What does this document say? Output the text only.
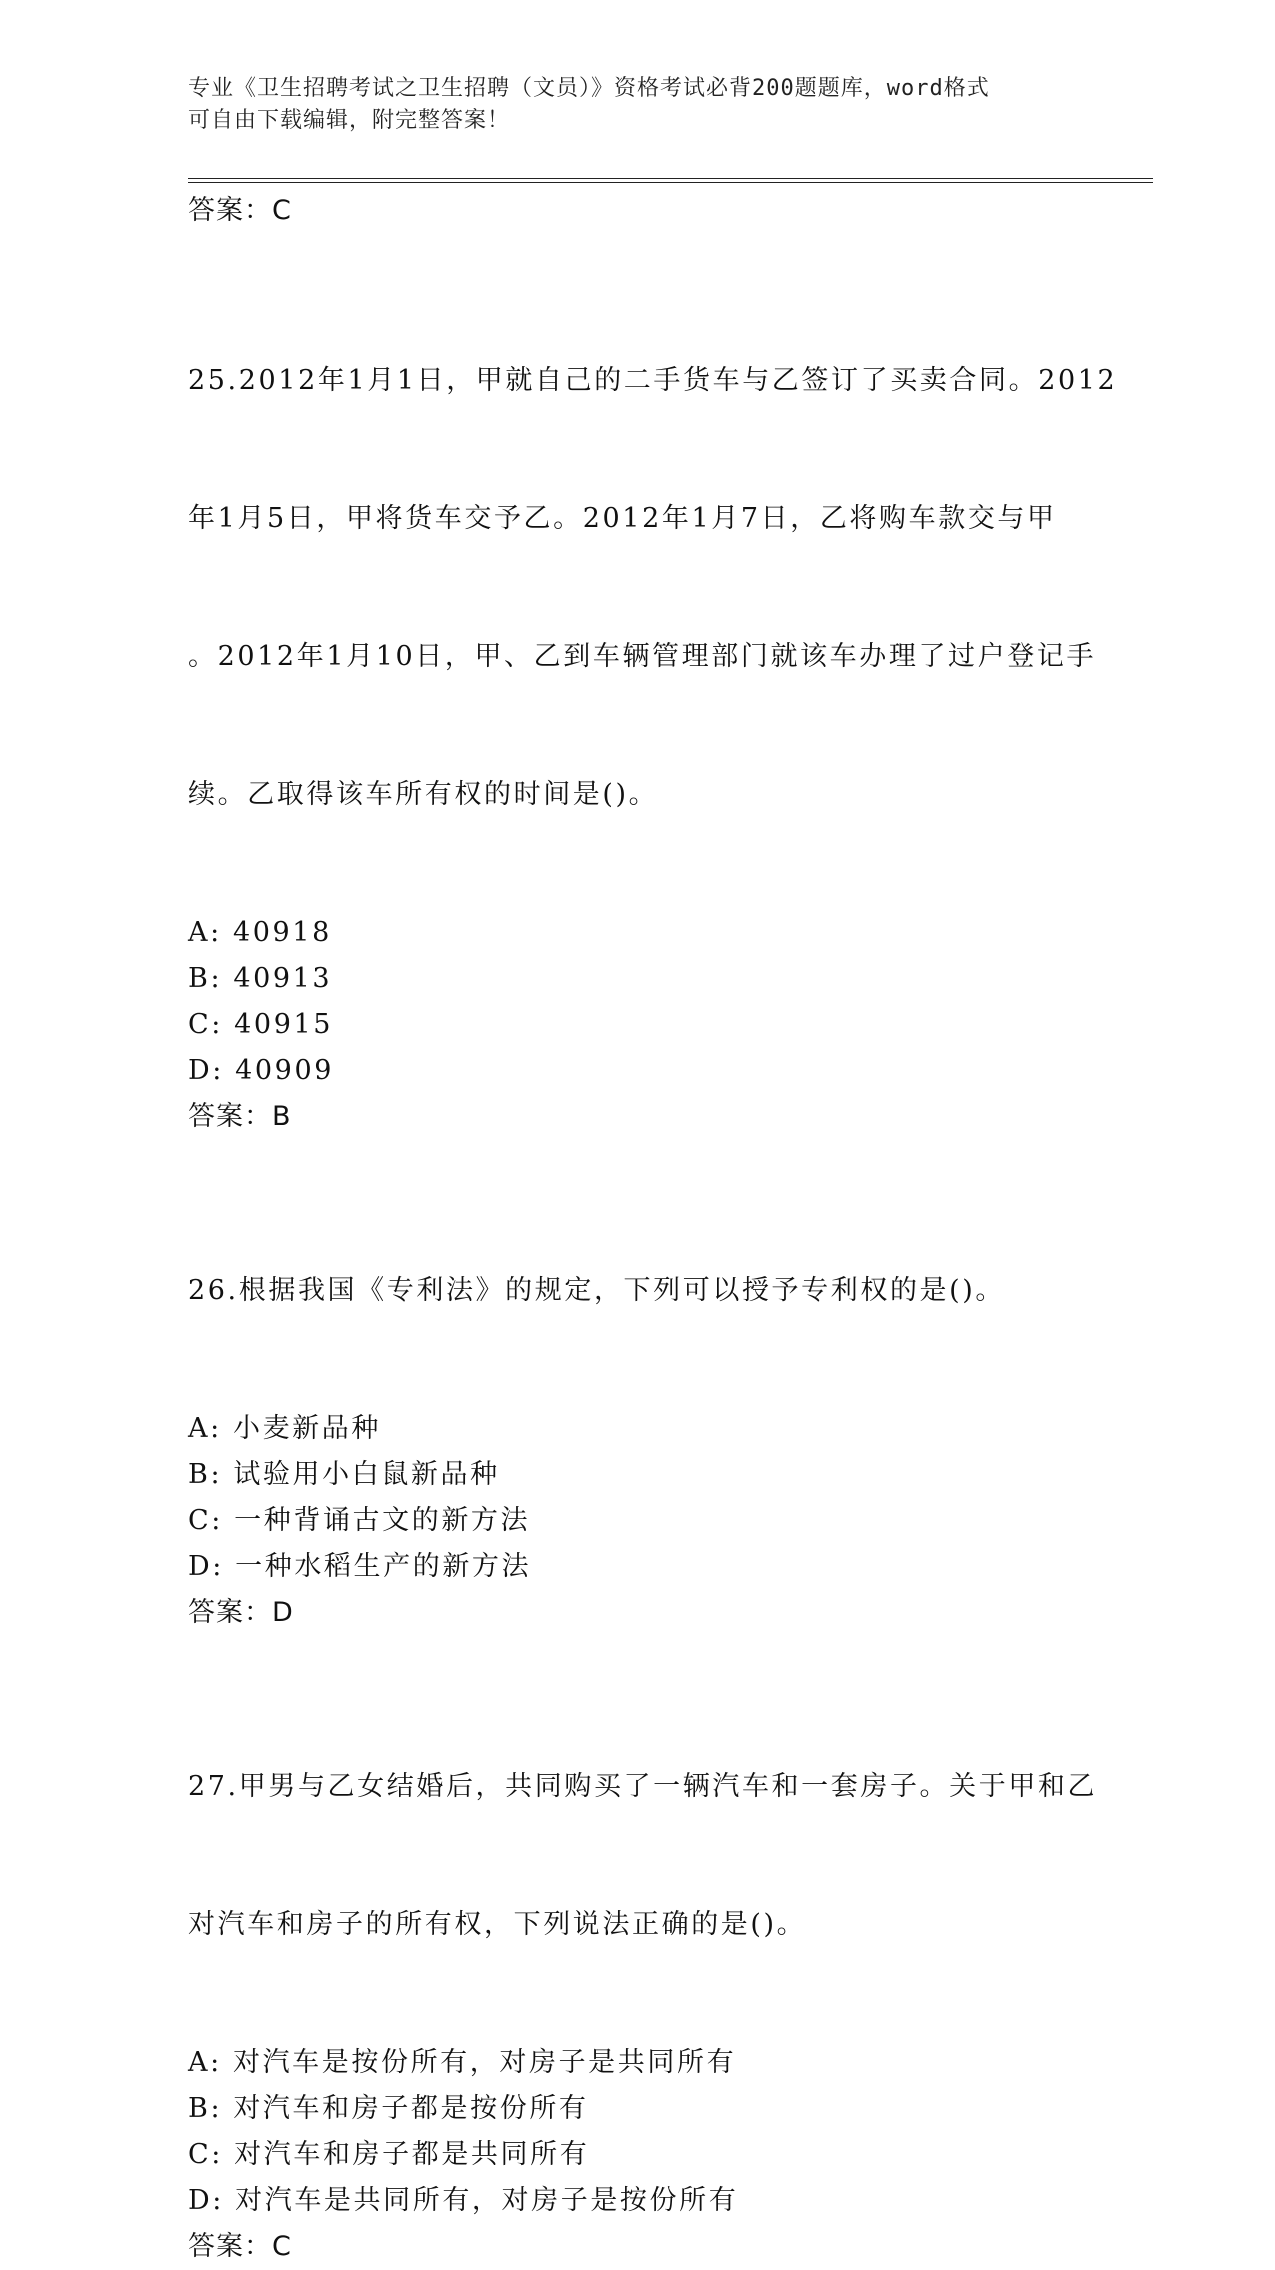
专业《卫生招聘考试之卫生招聘（文员）》资格考试必背200题题库，word格式
可自由下载编辑，附完整答案！
答案：C

25.2012年1月1日，甲就自己的二手货车与乙签订了买卖合同。2012

年1月5日，甲将货车交予乙。2012年1月7日，乙将购车款交与甲

。2012年1月10日，甲、乙到车辆管理部门就该车办理了过户登记手

续。乙取得该车所有权的时间是()。

A: 40918
B: 40913
C: 40915
D: 40909
答案：B

26.根据我国《专利法》的规定，下列可以授予专利权的是()。

A: 小麦新品种
B: 试验用小白鼠新品种
C: 一种背诵古文的新方法
D: 一种水稻生产的新方法
答案：D

27.甲男与乙女结婚后，共同购买了一辆汽车和一套房子。关于甲和乙

对汽车和房子的所有权，下列说法正确的是()。

A: 对汽车是按份所有，对房子是共同所有
B: 对汽车和房子都是按份所有
C: 对汽车和房子都是共同所有
D: 对汽车是共同所有，对房子是按份所有
答案：C
